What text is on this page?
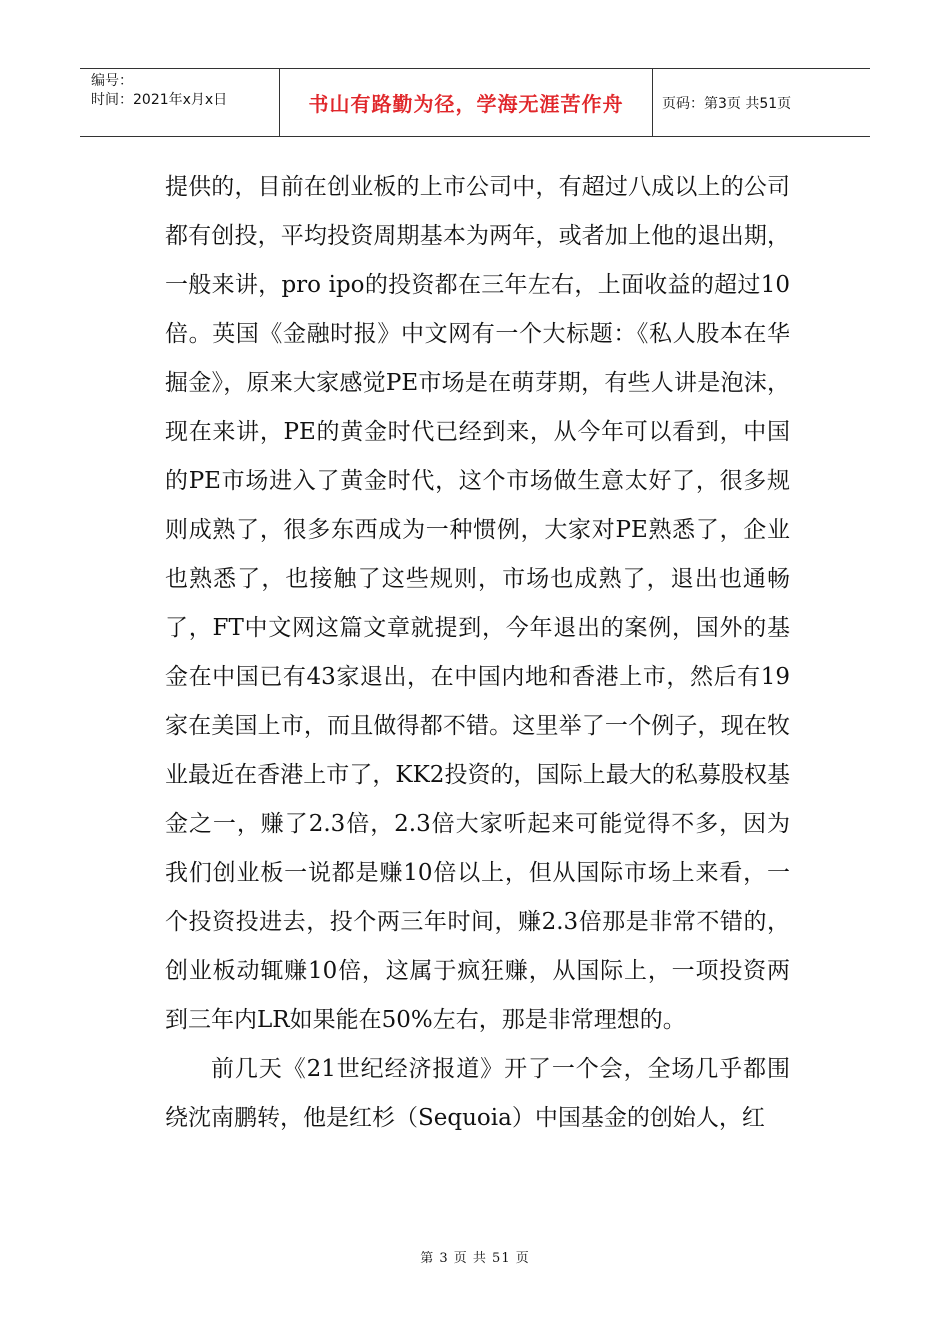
编号：
时间：2021年x月x日	书山有路勤为径，学海无涯苦作舟	页码：第3页 共51页

提供的，目前在创业板的上市公司中，有超过八成以上的公司都有创投，平均投资周期基本为两年，或者加上他的退出期，一般来讲，pro ipo的投资都在三年左右，上面收益的超过10倍。英国《金融时报》中文网有一个大标题：《私人股本在华掘金》，原来大家感觉PE市场是在萌芽期，有些人讲是泡沫，现在来讲，PE的黄金时代已经到来，从今年可以看到，中国的PE市场进入了黄金时代，这个市场做生意太好了，很多规则成熟了，很多东西成为一种惯例，大家对PE熟悉了，企业也熟悉了，也接触了这些规则，市场也成熟了，退出也通畅了，FT中文网这篇文章就提到，今年退出的案例，国外的基金在中国已有43家退出，在中国内地和香港上市，然后有19家在美国上市，而且做得都不错。这里举了一个例子，现在牧业最近在香港上市了，KK2投资的，国际上最大的私募股权基金之一，赚了2.3倍，2.3倍大家听起来可能觉得不多，因为我们创业板一说都是赚10倍以上，但从国际市场上来看，一个投资投进去，投个两三年时间，赚2.3倍那是非常不错的，创业板动辄赚10倍，这属于疯狂赚，从国际上，一项投资两到三年内LR如果能在50%左右，那是非常理想的。

前几天《21世纪经济报道》开了一个会，全场几乎都围绕沈南鹏转，他是红杉（Sequoia）中国基金的创始人，红

第 3 页 共 51 页
